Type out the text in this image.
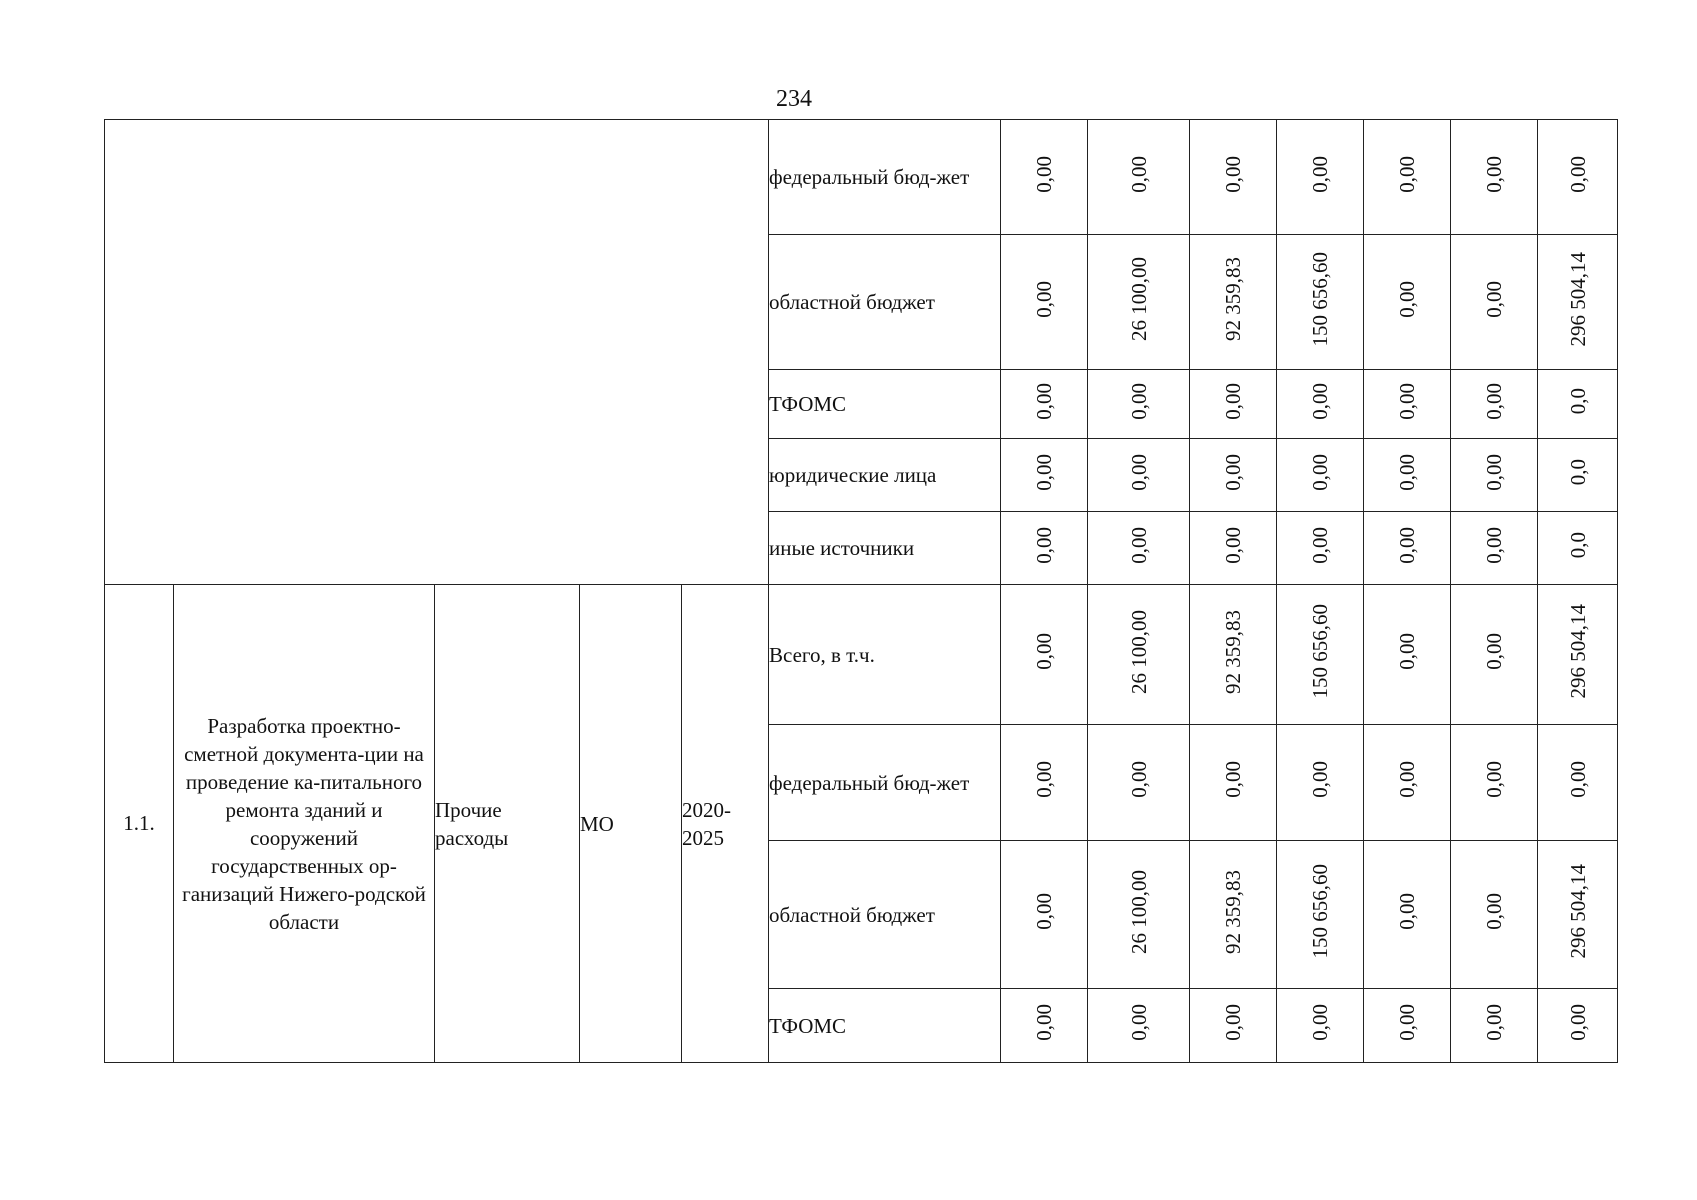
234
					федеральный бюд-жет	0,00	0,00	0,00	0,00	0,00	0,00	0,00
					областной бюджет	0,00	26 100,00	92 359,83	150 656,60	0,00	0,00	296 504,14
					ТФОМС	0,00	0,00	0,00	0,00	0,00	0,00	0,0
					юридические лица	0,00	0,00	0,00	0,00	0,00	0,00	0,0
					иные источники	0,00	0,00	0,00	0,00	0,00	0,00	0,0
1.1.	Разработка проектно-сметной документа-ции на проведение ка-питального ремонта зданий и сооружений государственных ор-ганизаций Нижего-родской области	Прочие расходы	МО	2020-2025	Всего, в т.ч.	0,00	26 100,00	92 359,83	150 656,60	0,00	0,00	296 504,14
					федеральный бюд-жет	0,00	0,00	0,00	0,00	0,00	0,00	0,00
					областной бюджет	0,00	26 100,00	92 359,83	150 656,60	0,00	0,00	296 504,14
					ТФОМС	0,00	0,00	0,00	0,00	0,00	0,00	0,00
